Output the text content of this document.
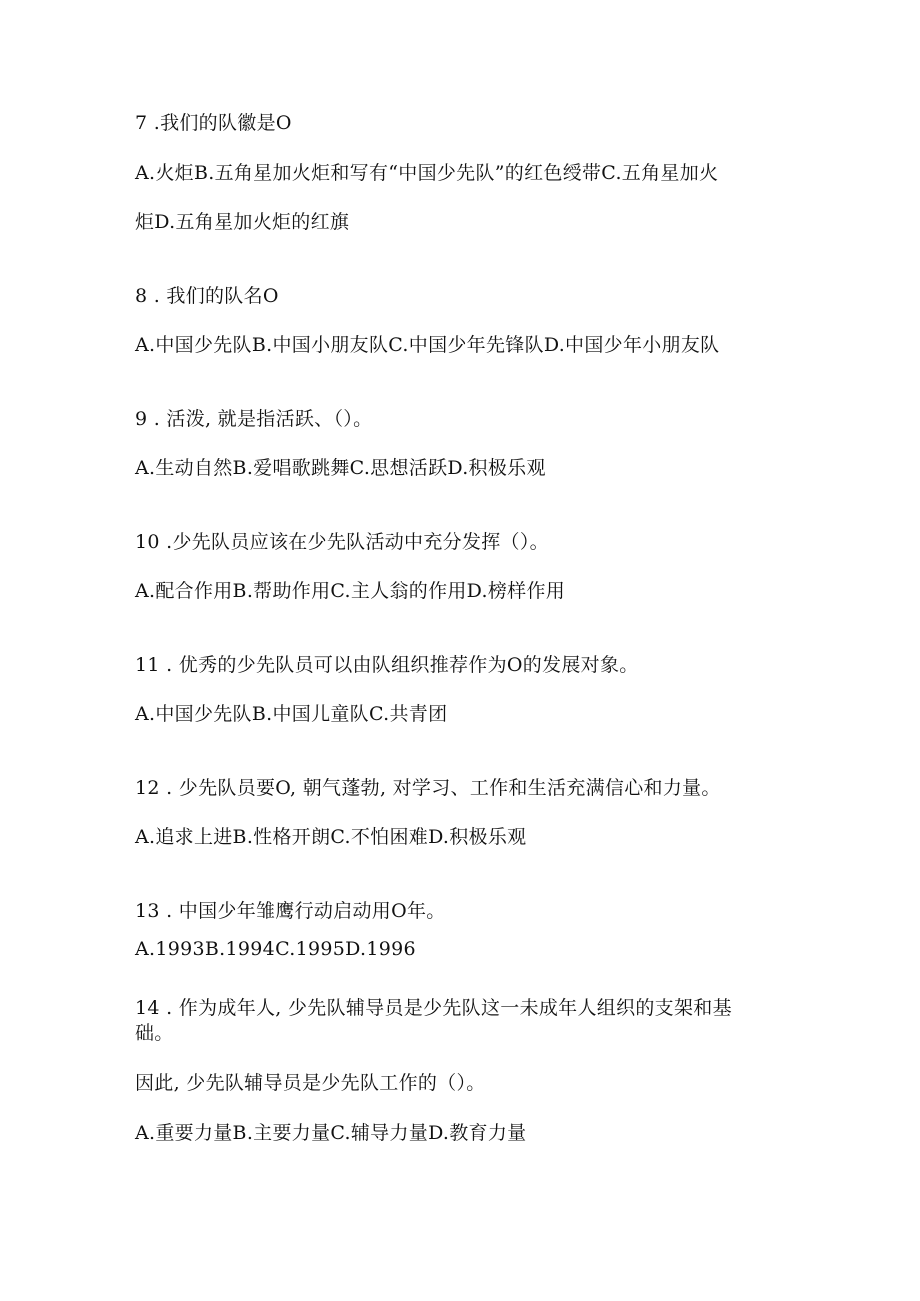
7 .我们的队徽是O
A.火炬B.五角星加火炬和写有“中国少先队”的红色绶带C.五角星加火
炬D.五角星加火炬的红旗
8 . 我们的队名O
A.中国少先队B.中国小朋友队C.中国少年先锋队D.中国少年小朋友队
9 . 活泼, 就是指活跃、（）。
A.生动自然B.爱唱歌跳舞C.思想活跃D.积极乐观
10 .少先队员应该在少先队活动中充分发挥（）。
A.配合作用B.帮助作用C.主人翁的作用D.榜样作用
11 . 优秀的少先队员可以由队组织推荐作为O的发展对象。
A.中国少先队B.中国儿童队C.共青团
12 . 少先队员要O, 朝气蓬勃, 对学习、工作和生活充满信心和力量。
A.追求上进B.性格开朗C.不怕困难D.积极乐观
13 . 中国少年雏鹰行动启动用O年。
A.1993B.1994C.1995D.1996
14 . 作为成年人, 少先队辅导员是少先队这一未成年人组织的支架和基
础。
因此, 少先队辅导员是少先队工作的（）。
A.重要力量B.主要力量C.辅导力量D.教育力量
